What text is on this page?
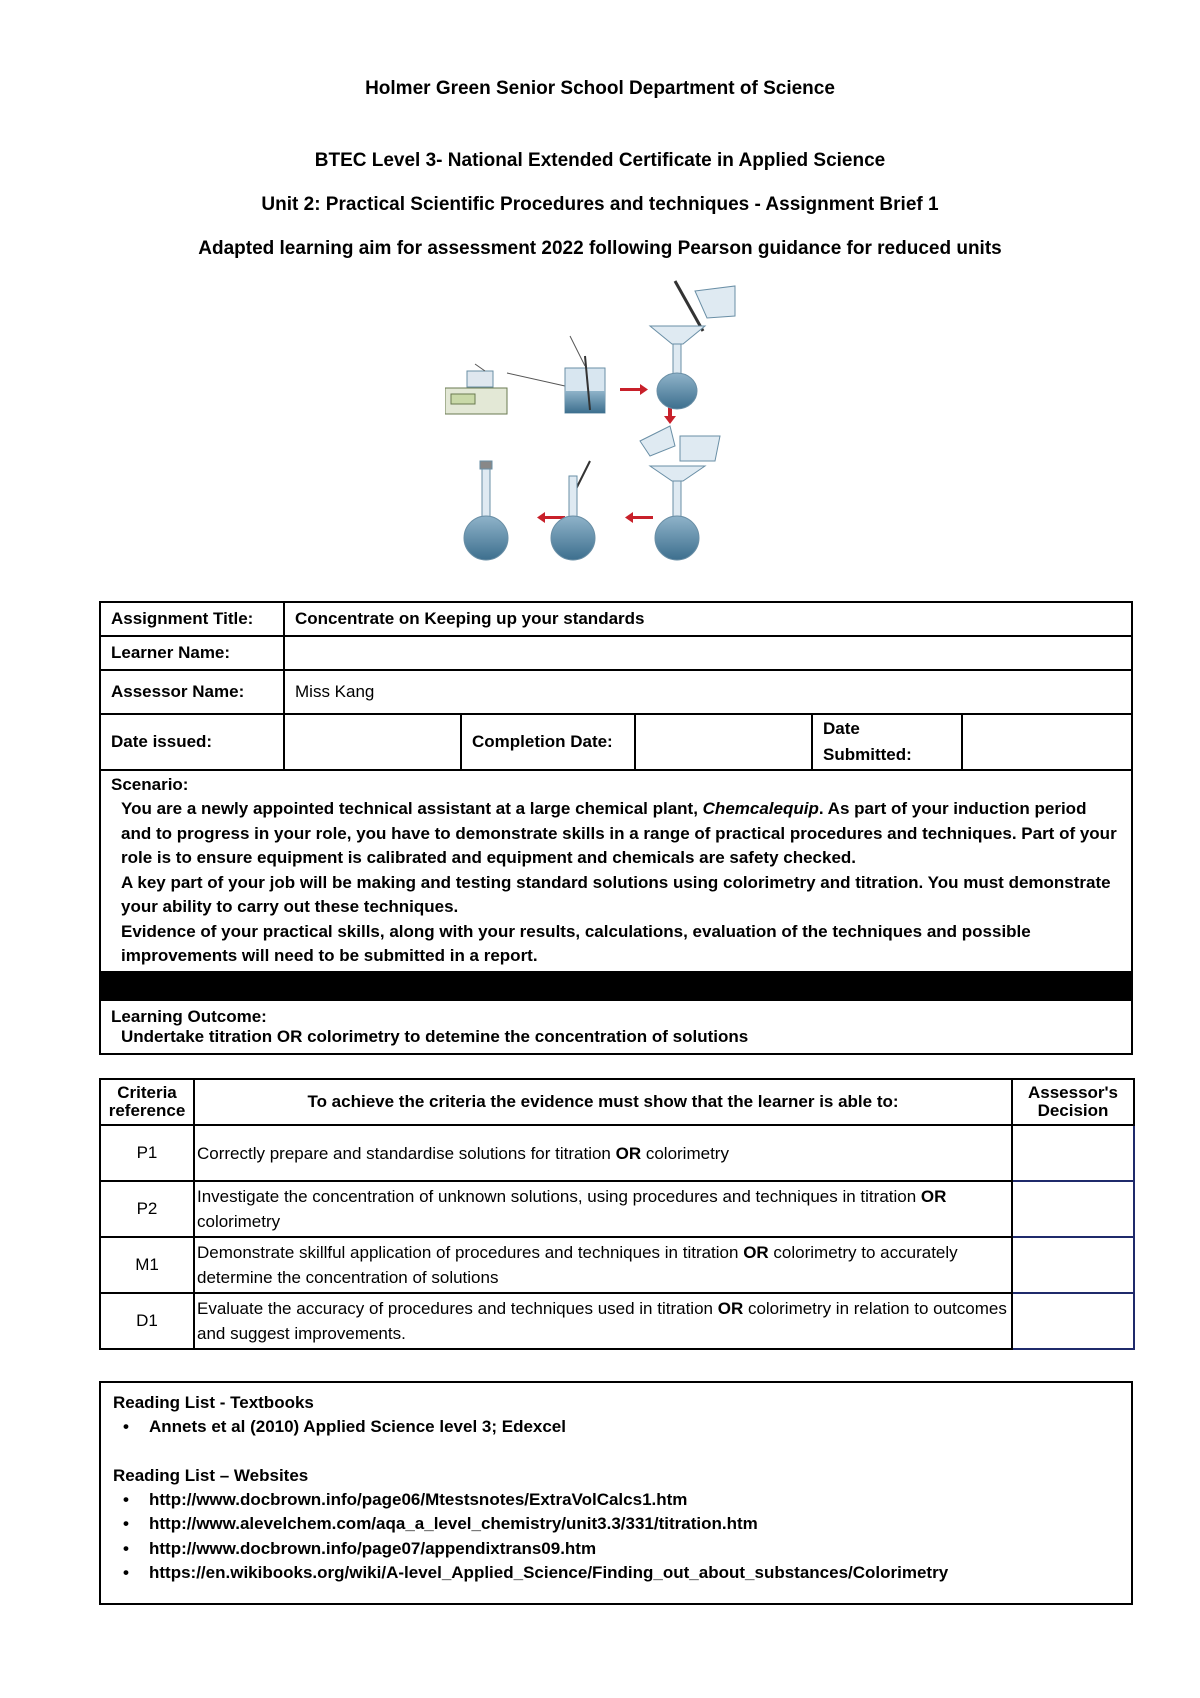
Holmer Green Senior School Department of Science
BTEC Level 3- National Extended Certificate in Applied Science
Unit 2: Practical Scientific Procedures and techniques - Assignment Brief 1
Adapted learning aim for assessment 2022 following Pearson guidance for reduced units
Assignment Title:	Concentrate on Keeping up your standards				
Learner Name:					
Assessor Name:	Miss Kang				
Date issued:		Completion Date:		Date Submitted:	

Scenario:
You are a newly appointed technical assistant at a large chemical plant, Chemcalequip. As part of your induction period and to progress in your role, you have to demonstrate skills in a range of practical procedures and techniques. Part of your role is to ensure equipment is calibrated and equipment and chemicals are safety checked.
A key part of your job will be making and testing standard solutions using colorimetry and titration. You must demonstrate your ability to carry out these techniques.
Evidence of your practical skills, along with your results, calculations, evaluation of the techniques and possible improvements will need to be submitted in a report.					

Learning Outcome:
Undertake titration OR colorimetry to detemine the concentration of solutions					
Criteria reference	To achieve the criteria the evidence must show that the learner is able to:	Assessor's Decision
P1	Correctly prepare and standardise solutions for titration OR colorimetry	
P2	Investigate the concentration of unknown solutions, using procedures and techniques in titration OR colorimetry	
M1	Demonstrate skillful application of procedures and techniques in titration OR colorimetry to accurately determine the concentration of solutions	
D1	Evaluate the accuracy of procedures and techniques used in titration OR colorimetry in relation to outcomes and suggest improvements.	

Reading List - Textbooks

• Annets et al (2010) Applied Science level 3; Edexcel

Reading List – Websites

• http://www.docbrown.info/page06/Mtestsnotes/ExtraVolCalcs1.htm
• http://www.alevelchem.com/aqa_a_level_chemistry/unit3.3/331/titration.htm
• http://www.docbrown.info/page07/appendixtrans09.htm
• https://en.wikibooks.org/wiki/A-level_Applied_Science/Finding_out_about_substances/Colorimetry
